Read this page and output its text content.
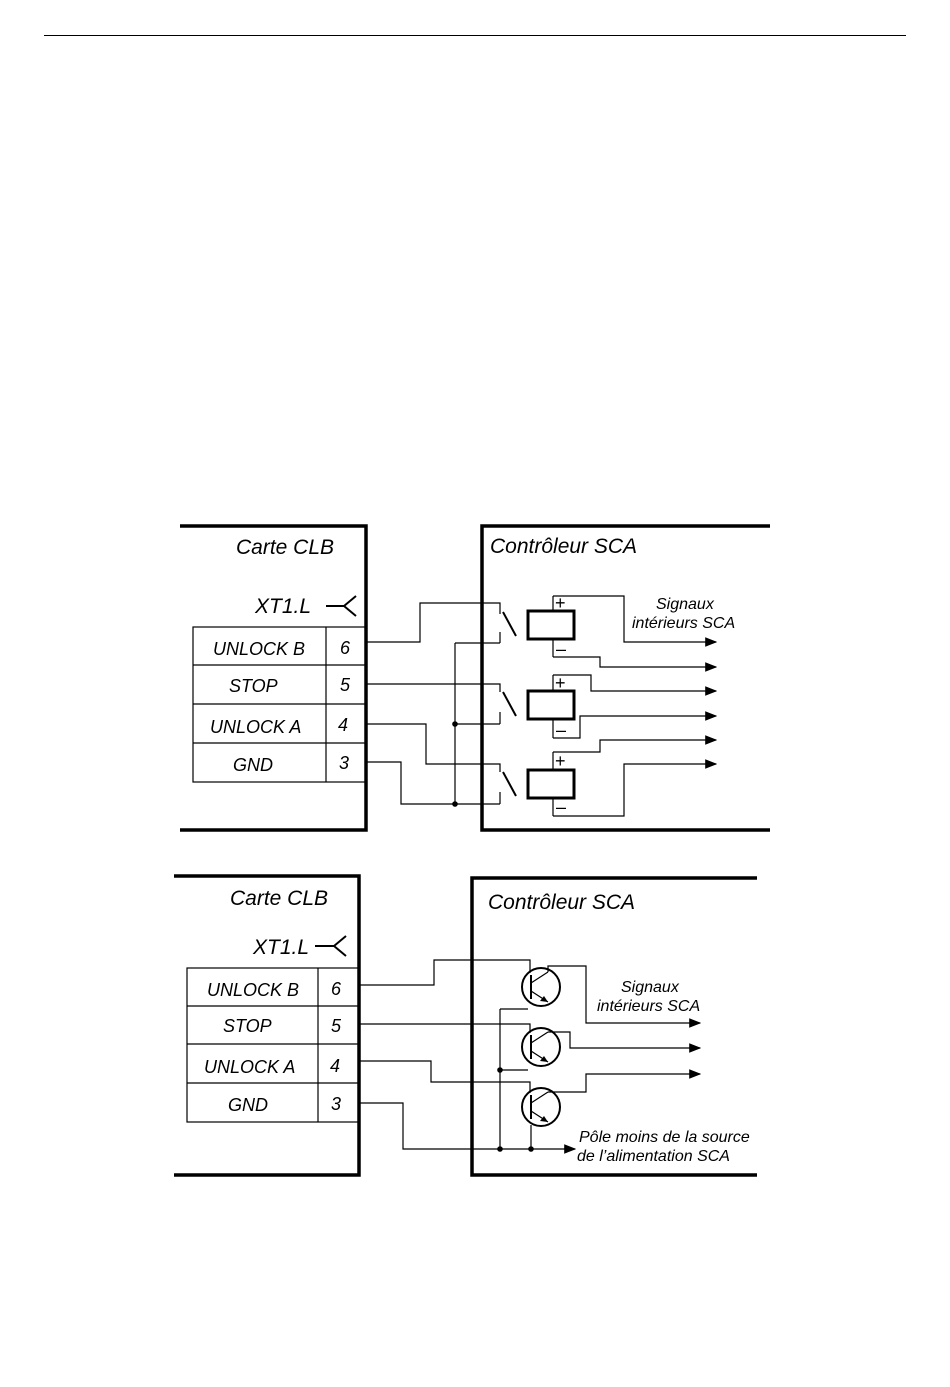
Carte CLB
XT1.L
UNLOCK B 6
STOP	5
UNLOCK A 4
GND	3
Contrôleur SCA
Signaux
intérieurs SCA
+
–
+
–
+
–
Carte CLB
XT1.L
UNLOCK B 6
STOP	5
UNLOCK A 4
GND	3
Contrôleur SCA
Signaux
intérieurs SCA
Pôle moins de la source
de l’alimentation SCA
